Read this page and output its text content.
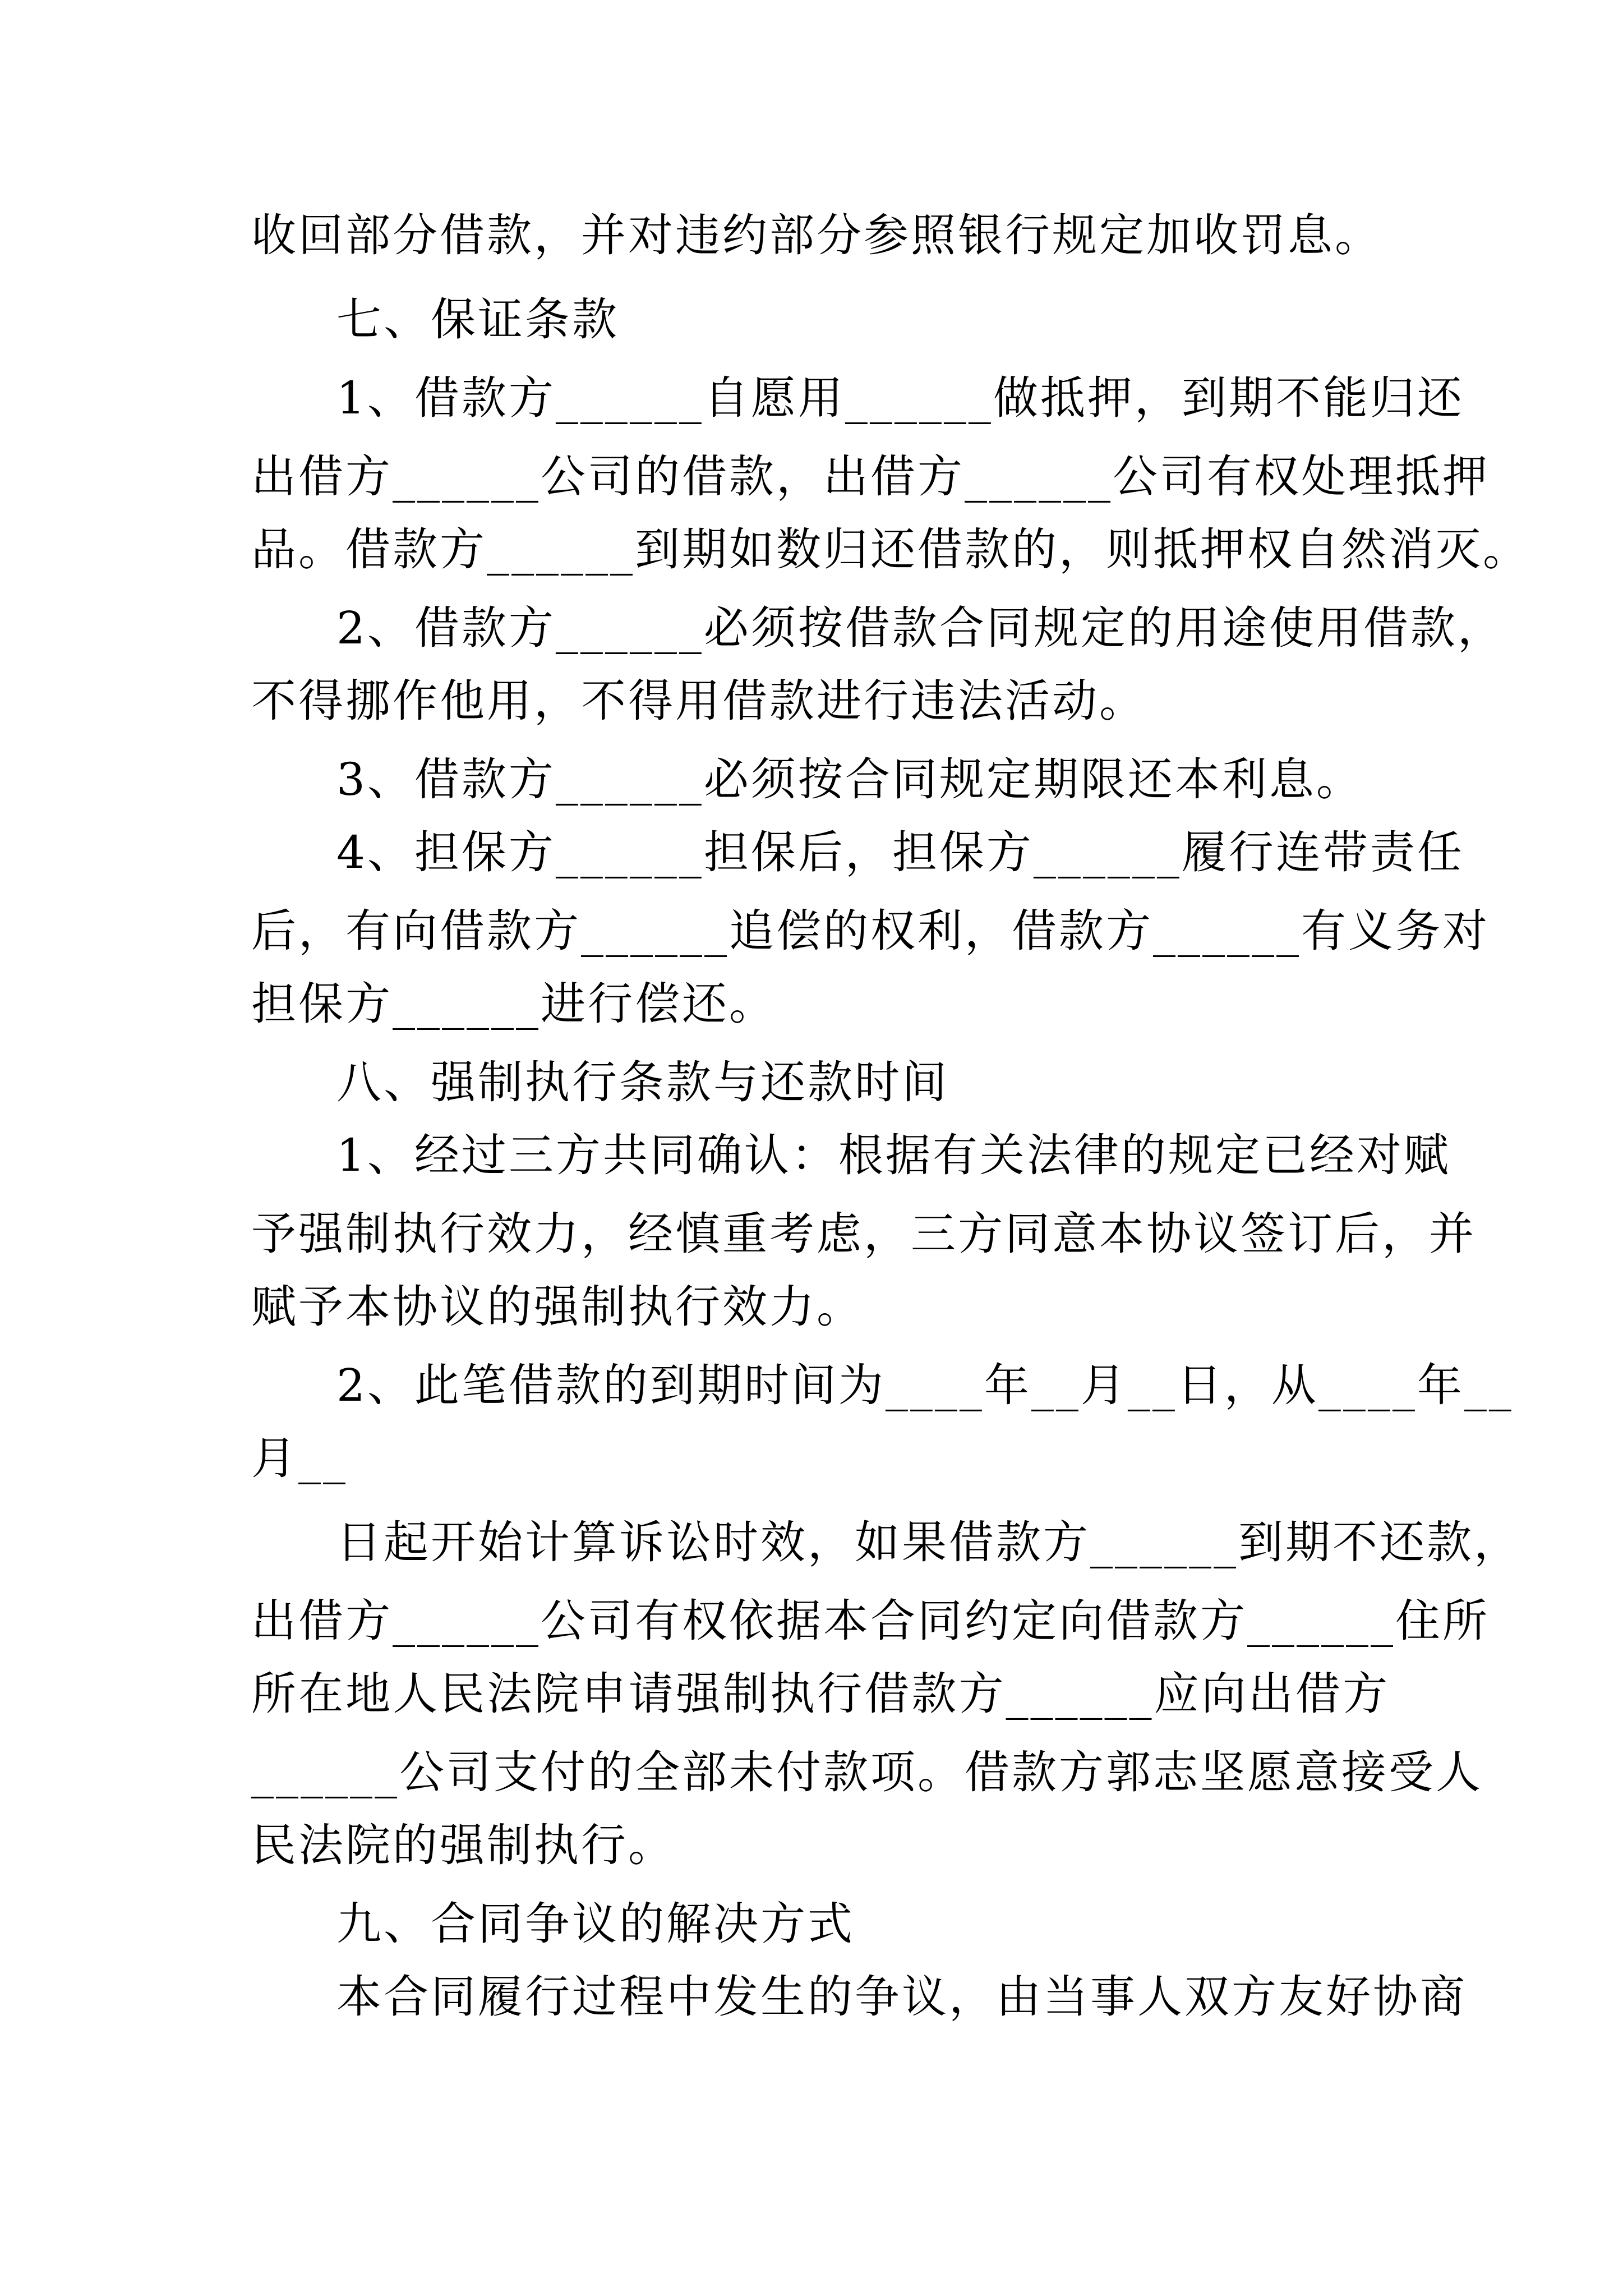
收回部分借款，并对违约部分参照银行规定加收罚息。
七、保证条款
1、借款方______自愿用______做抵押，到期不能归还
出借方______公司的借款，出借方______公司有权处理抵押
品。借款方______到期如数归还借款的，则抵押权自然消灭。
2、借款方______必须按借款合同规定的用途使用借款，
不得挪作他用，不得用借款进行违法活动。
3、借款方______必须按合同规定期限还本利息。
4、担保方______担保后，担保方______履行连带责任
后，有向借款方______追偿的权利，借款方______有义务对
担保方______进行偿还。
八、强制执行条款与还款时间
1、经过三方共同确认：根据有关法律的规定已经对赋
予强制执行效力，经慎重考虑，三方同意本协议签订后，并
赋予本协议的强制执行效力。
2、此笔借款的到期时间为____年__月__日，从____年__
月__
日起开始计算诉讼时效，如果借款方______到期不还款，
出借方______公司有权依据本合同约定向借款方______住所
所在地人民法院申请强制执行借款方______应向出借方
______公司支付的全部未付款项。借款方郭志坚愿意接受人
民法院的强制执行。
九、合同争议的解决方式
本合同履行过程中发生的争议，由当事人双方友好协商
